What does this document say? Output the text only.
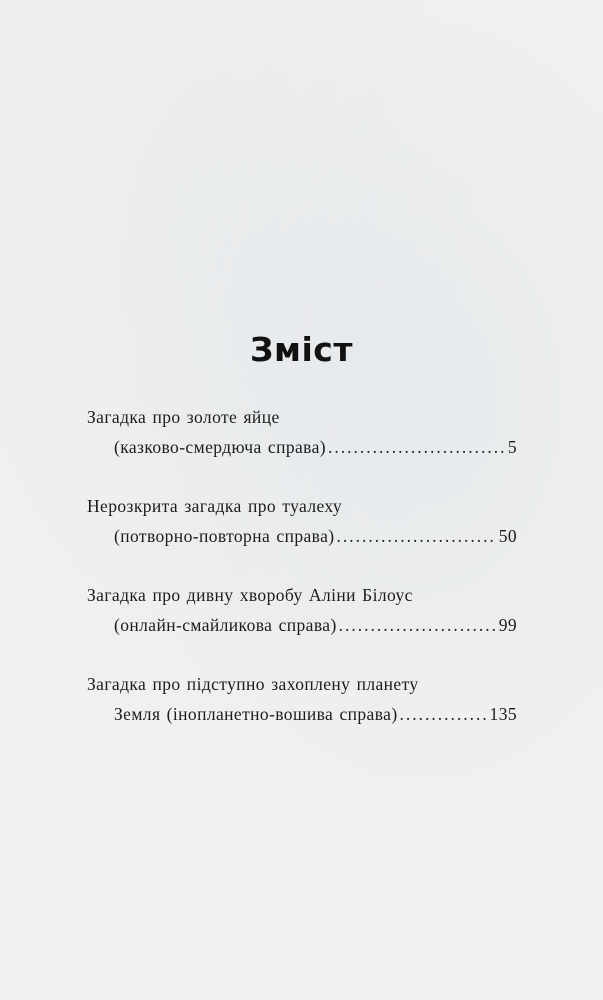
Зміст
Загадка про золоте яйце
(казково-смердюча справа) .....	5
Нерозкрита загадка про туалеху
(потворно-повторна справа) .....	50
Загадка про дивну хворобу Аліни Білоус
(онлайн-смайликова справа) .....	99
Загадка про підступно захоплену планету
Земля (інопланетно-вошива справа) .....	135
